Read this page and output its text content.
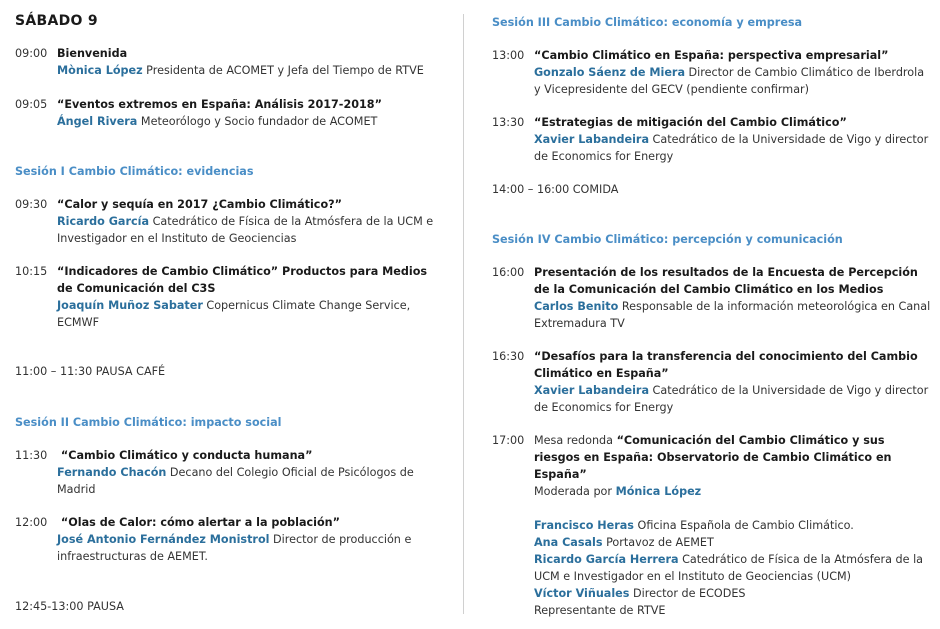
SÁBADO 9
09:00 Bienvenida
Mònica López Presidenta de ACOMET y Jefa del Tiempo de RTVE
09:05 “Eventos extremos en España: Análisis 2017-2018”
Ángel Rivera Meteorólogo y Socio fundador de ACOMET
Sesión I Cambio Climático: evidencias
09:30 “Calor y sequía en 2017 ¿Cambio Climático?”
Ricardo García Catedrático de Física de la Atmósfera de la UCM e Investigador en el Instituto de Geociencias
10:15 “Indicadores de Cambio Climático” Productos para Medios de Comunicación del C3S
Joaquín Muñoz Sabater Copernicus Climate Change Service, ECMWF
11:00 – 11:30 PAUSA CAFÉ
Sesión II Cambio Climático: impacto social
11:30 “Cambio Climático y conducta humana”
Fernando Chacón Decano del Colegio Oficial de Psicólogos de Madrid
12:00 “Olas de Calor: cómo alertar a la población”
José Antonio Fernández Monistrol Director de producción e infraestructuras de AEMET.
12:45-13:00 PAUSA
Sesión III Cambio Climático: economía y empresa
13:00 “Cambio Climático en España: perspectiva empresarial”
Gonzalo Sáenz de Miera Director de Cambio Climático de Iberdrola y Vicepresidente del GECV (pendiente confirmar)
13:30 “Estrategias de mitigación del Cambio Climático”
Xavier Labandeira Catedrático de la Universidade de Vigo y director de Economics for Energy
14:00 – 16:00 COMIDA
Sesión IV Cambio Climático: percepción y comunicación
16:00 Presentación de los resultados de la Encuesta de Percepción de la Comunicación del Cambio Climático en los Medios
Carlos Benito Responsable de la información meteorológica en Canal Extremadura TV
16:30 “Desafíos para la transferencia del conocimiento del Cambio Climático en España”
Xavier Labandeira Catedrático de la Universidade de Vigo y director de Economics for Energy
17:00 Mesa redonda “Comunicación del Cambio Climático y sus riesgos en España: Observatorio de Cambio Climático en España”
Moderada por Mónica López
Francisco Heras Oficina Española de Cambio Climático.
Ana Casals Portavoz de AEMET
Ricardo García Herrera Catedrático de Física de la Atmósfera de la UCM e Investigador en el Instituto de Geociencias (UCM)
Víctor Viñuales Director de ECODES
Representante de RTVE
